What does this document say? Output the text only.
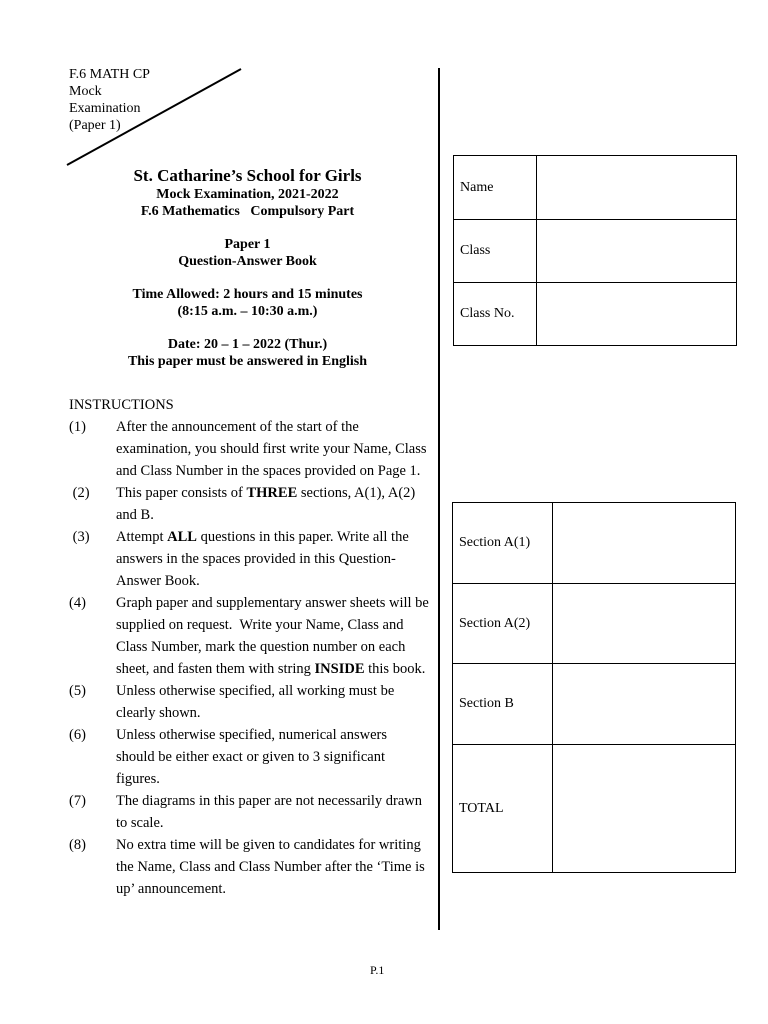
F.6 MATH CP
Mock
Examination
(Paper 1)
St. Catharine’s School for Girls
Mock Examination, 2021-2022
F.6 Mathematics   Compulsory Part
Paper 1
Question-Answer Book
Time Allowed: 2 hours and 15 minutes
(8:15 a.m. – 10:30 a.m.)
Date: 20 – 1 – 2022 (Thur.)
This paper must be answered in English
INSTRUCTIONS
(1)	After the announcement of the start of the examination, you should first write your Name, Class and Class Number in the spaces provided on Page 1.
(2)	This paper consists of THREE sections, A(1), A(2) and B.
(3)	Attempt ALL questions in this paper. Write all the answers in the spaces provided in this Question-Answer Book.
(4)	Graph paper and supplementary answer sheets will be supplied on request.  Write your Name, Class and Class Number, mark the question number on each sheet, and fasten them with string INSIDE this book.
(5)	Unless otherwise specified, all working must be clearly shown.
(6)	Unless otherwise specified, numerical answers should be either exact or given to 3 significant figures.
(7)	The diagrams in this paper are not necessarily drawn to scale.
(8)	No extra time will be given to candidates for writing the Name, Class and Class Number after the ‘Time is up’ announcement.
Name	
Class	
Class No.	
Section A(1)	
Section A(2)	
Section B	
TOTAL	
P.1
